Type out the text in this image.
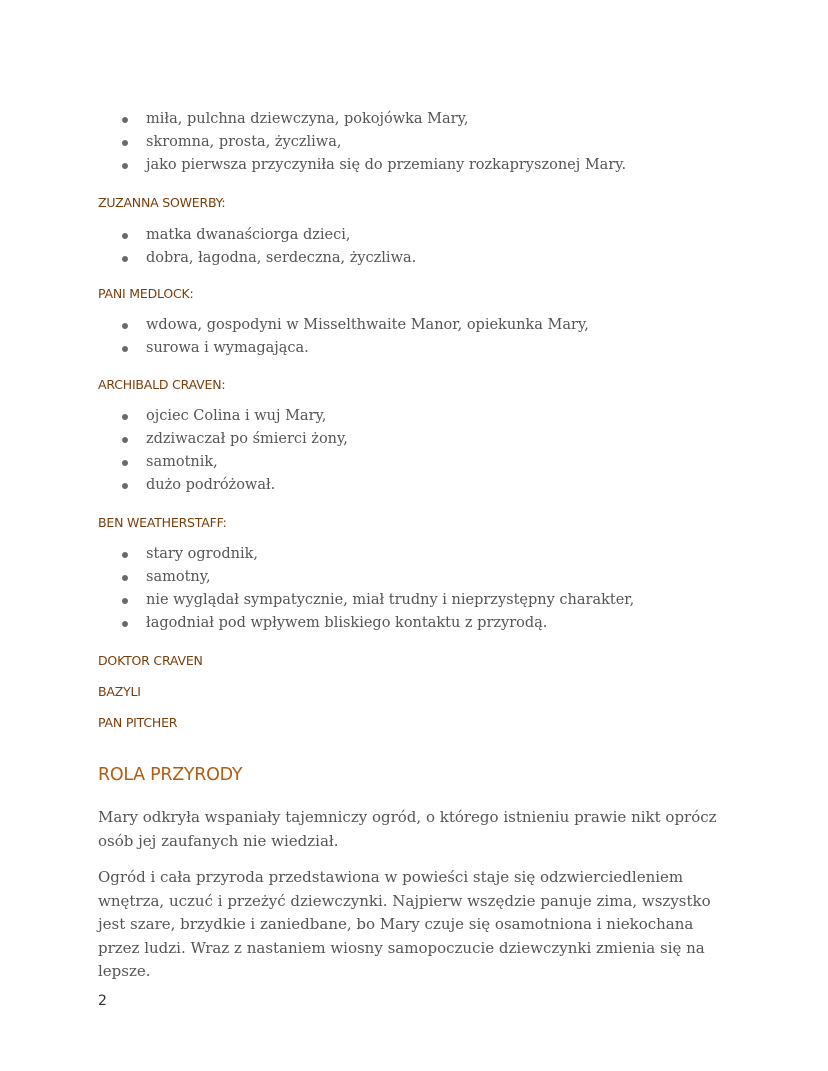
miła, pulchna dziewczyna, pokojówka Mary,
skromna, prosta, życzliwa,
jako pierwsza przyczyniła się do przemiany rozkapryszonej Mary.
ZUZANNA SOWERBY:
matka dwanaściorga dzieci,
dobra, łagodna, serdeczna, życzliwa.
PANI MEDLOCK:
wdowa, gospodyni w Misselthwaite Manor, opiekunka Mary,
surowa i wymagająca.
ARCHIBALD CRAVEN:
ojciec Colina i wuj Mary,
zdziwaczał po śmierci żony,
samotnik,
dużo podróżował.
BEN WEATHERSTAFF:
stary ogrodnik,
samotny,
nie wyglądał sympatycznie, miał trudny i nieprzystępny charakter,
łagodniał pod wpływem bliskiego kontaktu z przyrodą.
DOKTOR CRAVEN
BAZYLI
PAN PITCHER
ROLA PRZYRODY

Mary odkryła wspaniały tajemniczy ogród, o którego istnieniu prawie nikt oprócz osób jej zaufanych nie wiedział.

Ogród i cała przyroda przedstawiona w powieści staje się odzwierciedleniem wnętrza, uczuć i przeżyć dziewczynki. Najpierw wszędzie panuje zima, wszystko jest szare, brzydkie i zaniedbane, bo Mary czuje się osamotniona i niekochana przez ludzi. Wraz z nastaniem wiosny samopoczucie dziewczynki zmienia się na lepsze.

2
